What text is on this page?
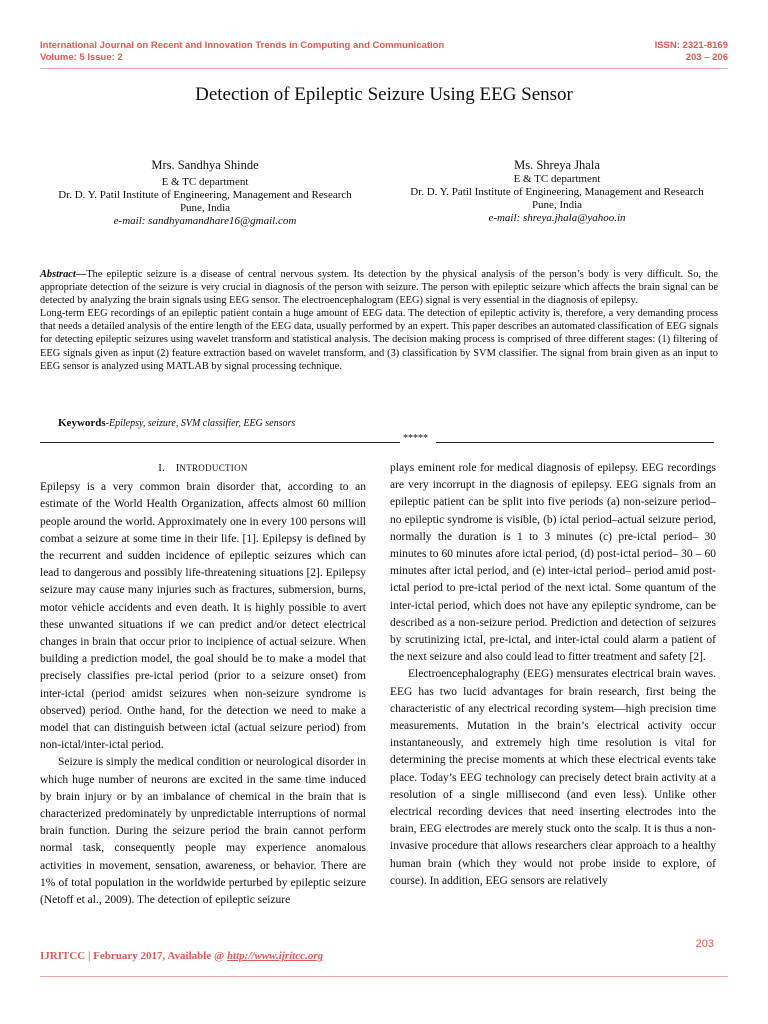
International Journal on Recent and Innovation Trends in Computing and Communication
Volume: 5 Issue: 2
ISSN: 2321-8169
203 – 206
Detection of Epileptic Seizure Using EEG Sensor
Mrs. Sandhya Shinde
E & TC department
Dr. D. Y. Patil Institute of Engineering, Management and Research
Pune, India
e-mail: sandhyamandhare16@gmail.com
Ms. Shreya Jhala
E & TC department
Dr. D. Y. Patil Institute of Engineering, Management and Research
Pune, India
e-mail: shreya.jhala@yahoo.in

Abstract—The epileptic seizure is a disease of central nervous system. Its detection by the physical analysis of the person’s body is very difficult. So, the appropriate detection of the seizure is very crucial in diagnosis of the person with seizure. The person with epileptic seizure which affects the brain signal can be detected by analyzing the brain signals using EEG sensor. The electroencephalogram (EEG) signal is very essential in the diagnosis of epilepsy.

Long-term EEG recordings of an epileptic patient contain a huge amount of EEG data. The detection of epileptic activity is, therefore, a very demanding process that needs a detailed analysis of the entire length of the EEG data, usually performed by an expert. This paper describes an automated classification of EEG signals for detecting epileptic seizures using wavelet transform and statistical analysis. The decision making process is comprised of three different stages: (1) filtering of EEG signals given as input (2) feature extraction based on wavelet transform, and (3) classification by SVM classifier. The signal from brain given as an input to EEG sensor is analyzed using MATLAB by signal processing technique.

Keywords-Epilepsy, seizure, SVM classifier, EEG sensors
*****
I. INTRODUCTION

Epilepsy is a very common brain disorder that, according to an estimate of the World Health Organization, affects almost 60 million people around the world. Approximately one in every 100 persons will combat a seizure at some time in their life. [1]. Epilepsy is defined by the recurrent and sudden incidence of epileptic seizures which can lead to dangerous and possibly life-threatening situations [2]. Epilepsy seizure may cause many injuries such as fractures, submersion, burns, motor vehicle accidents and even death. It is highly possible to avert these unwanted situations if we can predict and/or detect electrical changes in brain that occur prior to incipience of actual seizure. When building a prediction model, the goal should be to make a model that precisely classifies pre-ictal period (prior to a seizure onset) from inter-ictal (period amidst seizures when non-seizure syndrome is observed) period. Onthe hand, for the detection we need to make a model that can distinguish between ictal (actual seizure period) from non-ictal/inter-ictal period.

Seizure is simply the medical condition or neurological disorder in which huge number of neurons are excited in the same time induced by brain injury or by an imbalance of chemical in the brain that is characterized predominately by unpredictable interruptions of normal brain function. During the seizure period the brain cannot perform normal task, consequently people may experience anomalous activities in movement, sensation, awareness, or behavior. There are 1% of total population in the worldwide perturbed by epileptic seizure (Netoff et al., 2009). The detection of epileptic seizure

plays eminent role for medical diagnosis of epilepsy. EEG recordings are very incorrupt in the diagnosis of epilepsy. EEG signals from an epileptic patient can be split into five periods (a) non-seizure period– no epileptic syndrome is visible, (b) ictal period–actual seizure period, normally the duration is 1 to 3 minutes (c) pre-ictal period– 30 minutes to 60 minutes afore ictal period, (d) post-ictal period– 30 – 60 minutes after ictal period, and (e) inter-ictal period– period amid post-ictal period to pre-ictal period of the next ictal. Some quantum of the inter-ictal period, which does not have any epileptic syndrome, can be described as a non-seizure period. Prediction and detection of seizures by scrutinizing ictal, pre-ictal, and inter-ictal could alarm a patient of the next seizure and also could lead to fitter treatment and safety [2].

Electroencephalography (EEG) mensurates electrical brain waves. EEG has two lucid advantages for brain research, first being the characteristic of any electrical recording system—high precision time measurements. Mutation in the brain’s electrical activity occur instantaneously, and extremely high time resolution is vital for determining the precise moments at which these electrical events take place. Today’s EEG technology can precisely detect brain activity at a resolution of a single millisecond (and even less). Unlike other electrical recording devices that need inserting electrodes into the brain, EEG electrodes are merely stuck onto the scalp. It is thus a non-invasive procedure that allows researchers clear approach to a healthy human brain (which they would not probe inside to explore, of course). In addition, EEG sensors are relatively

203
IJRITCC | February 2017, Available @ http://www.ijritcc.org
